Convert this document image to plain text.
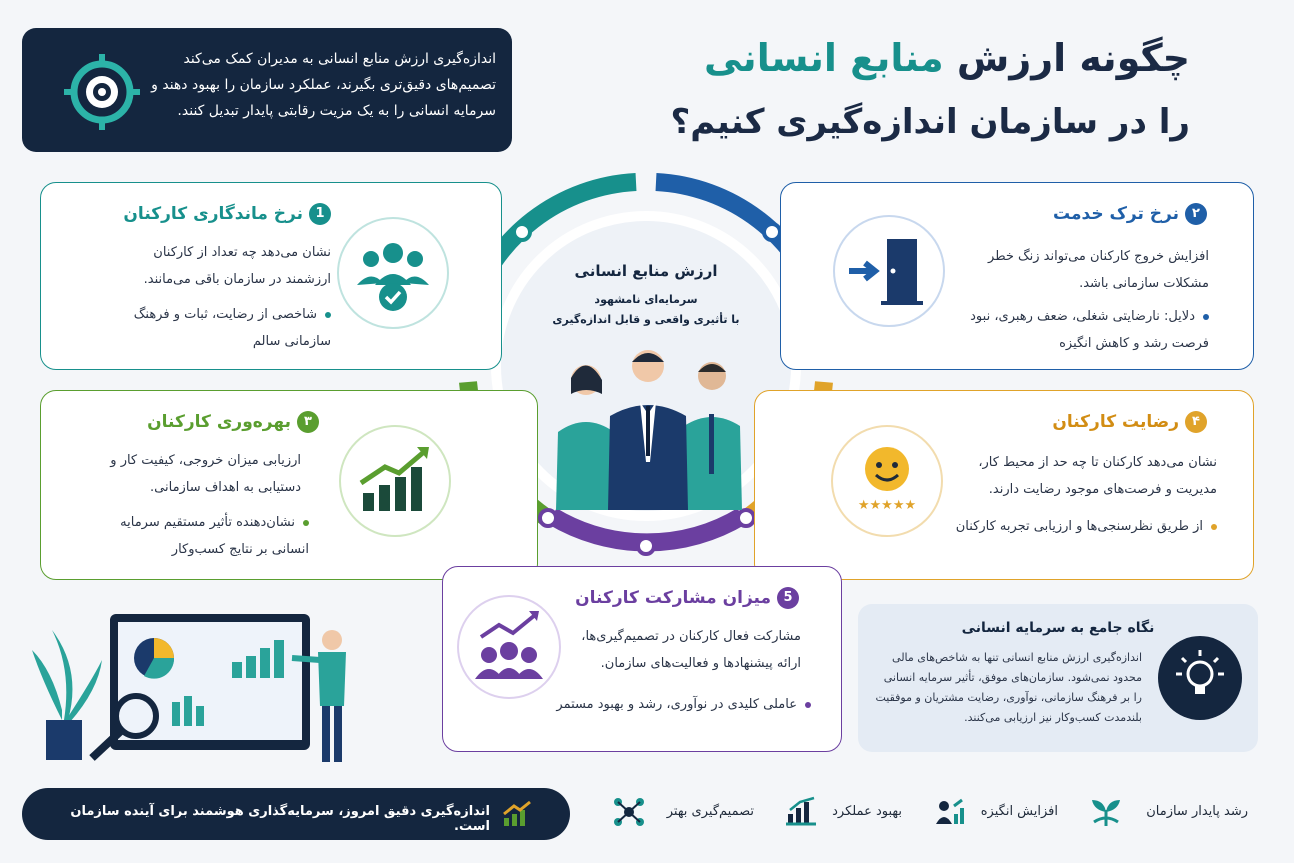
چگونه ارزش منابع انسانی
را در سازمان اندازه‌گیری کنیم؟

اندازه‌گیری ارزش منابع انسانی به مدیران کمک می‌کند تصمیم‌های دقیق‌تری بگیرند، عملکرد سازمان را بهبود دهند و سرمایه انسانی را به یک مزیت رقابتی پایدار تبدیل کنند.

ارزش منابع انسانی
سرمایه‌ای نامشهود
با تأثیری واقعی و قابل اندازه‌گیری
1نرخ ماندگاری کارکنان
نشان می‌دهد چه تعداد از کارکنان ارزشمند در سازمان باقی می‌مانند.
شاخصی از رضایت، ثبات و فرهنگ سازمانی سالم
۲نرخ ترک خدمت
افزایش خروج کارکنان می‌تواند زنگ خطر مشکلات سازمانی باشد.
دلایل: نارضایتی شغلی، ضعف رهبری، نبود فرصت رشد و کاهش انگیزه
۳بهره‌وری کارکنان
ارزیابی میزان خروجی، کیفیت کار و دستیابی به اهداف سازمانی.
نشان‌دهنده تأثیر مستقیم سرمایه انسانی بر نتایج کسب‌وکار
۴رضایت کارکنان
نشان می‌دهد کارکنان تا چه حد از محیط کار، مدیریت و فرصت‌های موجود رضایت دارند.
از طریق نظرسنجی‌ها و ارزیابی تجربه کارکنان
★★★★★
5میزان مشارکت کارکنان
مشارکت فعال کارکنان در تصمیم‌گیری‌ها، ارائه پیشنهادها و فعالیت‌های سازمان.
عاملی کلیدی در نوآوری، رشد و بهبود مستمر
نگاه جامع به سرمایه انسانی
اندازه‌گیری ارزش منابع انسانی تنها به شاخص‌های مالی محدود نمی‌شود. سازمان‌های موفق، تأثیر سرمایه انسانی را بر فرهنگ سازمانی، نوآوری، رضایت مشتریان و موفقیت بلندمدت کسب‌وکار نیز ارزیابی می‌کنند.
اندازه‌گیری دقیق امروز، سرمایه‌گذاری هوشمند برای آینده سازمان است.
رشد پایدار سازمان
افزایش انگیزه
بهبود عملکرد
تصمیم‌گیری بهتر
